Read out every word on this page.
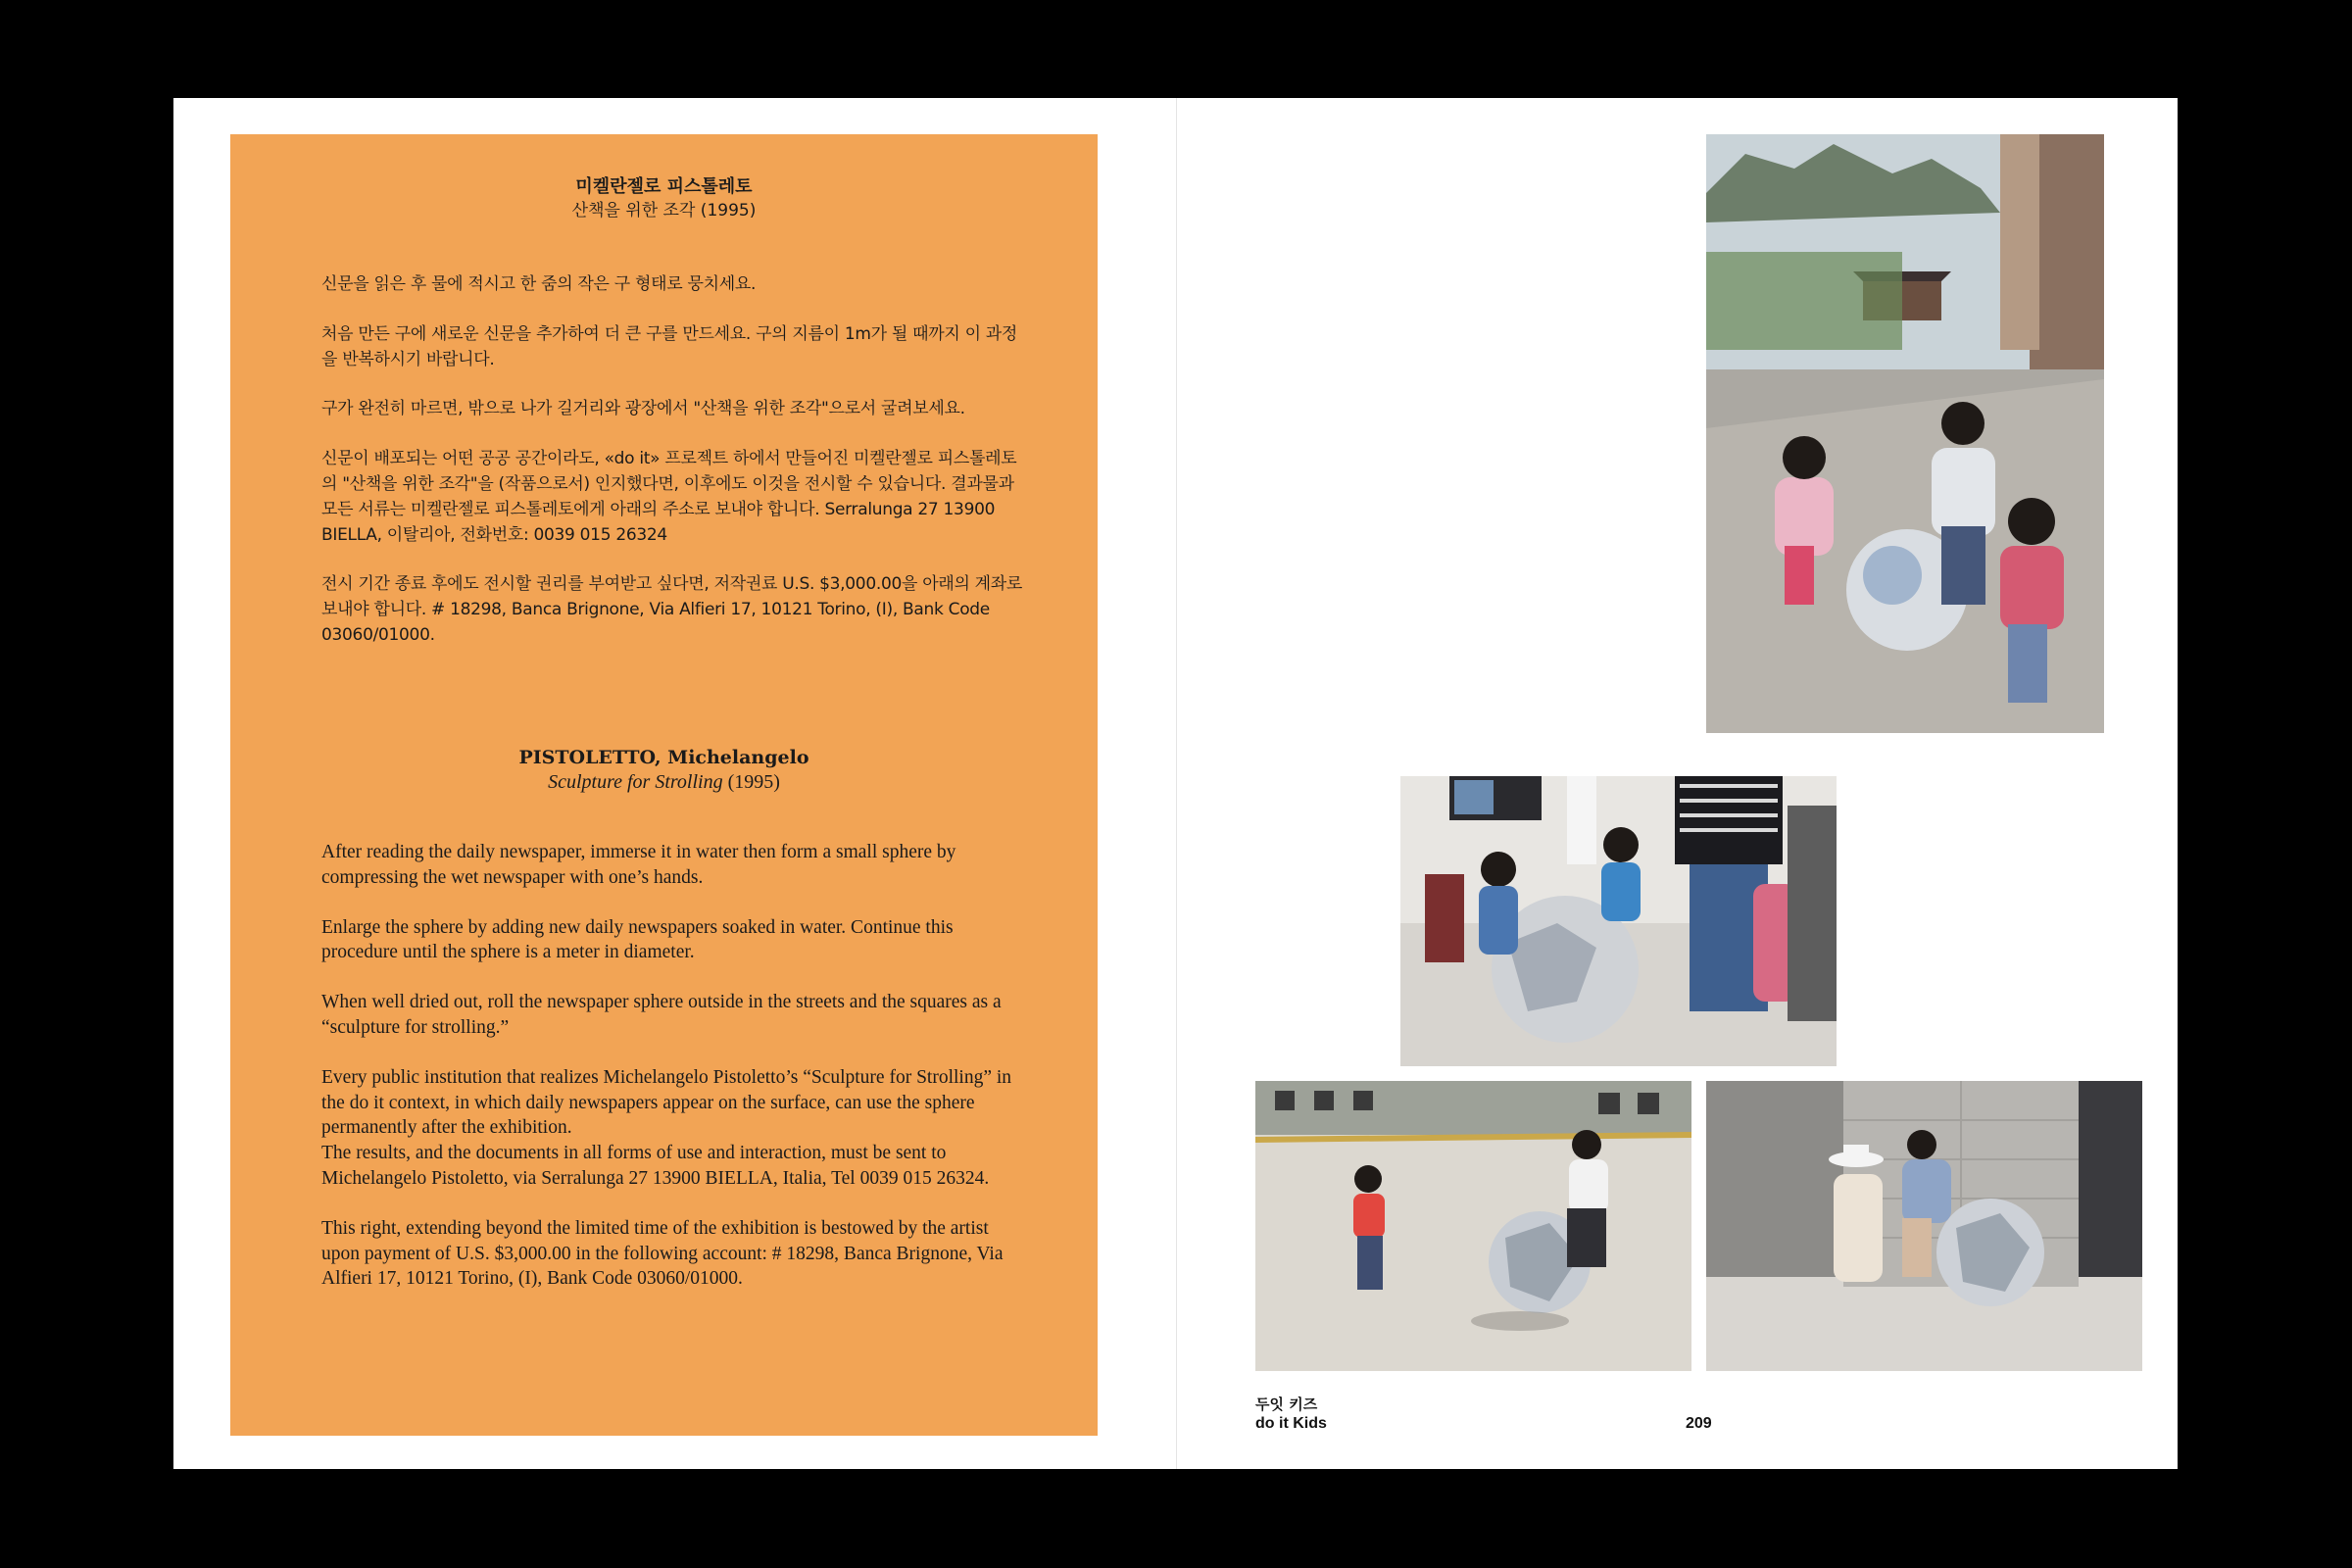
미켈란젤로 피스톨레토
산책을 위한 조각 (1995)

신문을 읽은 후 물에 적시고 한 줌의 작은 구 형태로 뭉치세요.

처음 만든 구에 새로운 신문을 추가하여 더 큰 구를 만드세요. 구의 지름이 1m가 될 때까지 이 과정을 반복하시기 바랍니다.

구가 완전히 마르면, 밖으로 나가 길거리와 광장에서 "산책을 위한 조각"으로서 굴려보세요.

신문이 배포되는 어떤 공공 공간이라도, «do it» 프로젝트 하에서 만들어진 미켈란젤로 피스톨레토의 "산책을 위한 조각"을 (작품으로서) 인지했다면, 이후에도 이것을 전시할 수 있습니다. 결과물과 모든 서류는 미켈란젤로 피스톨레토에게 아래의 주소로 보내야 합니다. Serralunga 27 13900 BIELLA, 이탈리아, 전화번호: 0039 015 26324

전시 기간 종료 후에도 전시할 권리를 부여받고 싶다면, 저작권료 U.S. $3,000.00을 아래의 계좌로 보내야 합니다. # 18298, Banca Brignone, Via Alfieri 17, 10121 Torino, (I), Bank Code 03060/01000.

PISTOLETTO, Michelangelo
Sculpture for Strolling (1995)

After reading the daily newspaper, immerse it in water then form a small sphere by compressing the wet newspaper with one’s hands.

Enlarge the sphere by adding new daily newspapers soaked in water. Continue this procedure until the sphere is a meter in diameter.

When well dried out, roll the newspaper sphere outside in the streets and the squares as a “sculpture for strolling.”

Every public institution that realizes Michelangelo Pistoletto’s “Sculpture for Strolling” in the do it context, in which daily newspapers appear on the surface, can use the sphere permanently after the exhibition.
The results, and the documents in all forms of use and interaction, must be sent to Michelangelo Pistoletto, via Serralunga 27 13900 BIELLA, Italia, Tel 0039 015 26324.

This right, extending beyond the limited time of the exhibition is bestowed by the artist upon payment of U.S. $3,000.00 in the following account: # 18298, Banca Brignone, Via Alfieri 17, 10121 Torino, (I), Bank Code 03060/01000.

두잇 키즈
do it Kids	209
